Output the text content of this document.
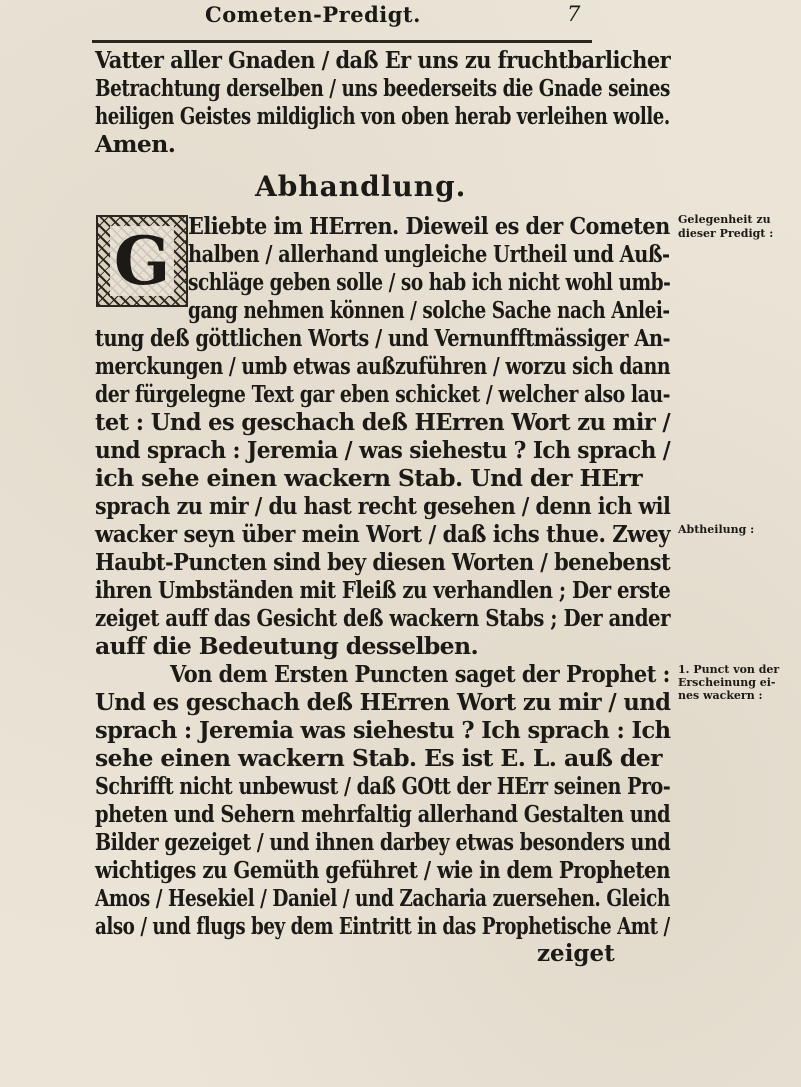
Cometen-Predigt.	7
Vatter aller Gnaden / daß Er uns zu fruchtbarlicher
Betrachtung derselben / uns beederseits die Gnade seines
heiligen Geistes mildiglich von oben herab verleihen wolle.
Amen.
Abhandlung.
G Eliebte im HErren. Dieweil es der Cometen
halben / allerhand ungleiche Urtheil und Auß-
schläge geben solle / so hab ich nicht wohl umb-
gang nehmen können / solche Sache nach Anlei-
tung deß göttlichen Worts / und Vernunfftmässiger An-
merckungen / umb etwas außzuführen / worzu sich dann
der fürgelegne Text gar eben schicket / welcher also lau-
tet : Und es geschach deß HErren Wort zu mir /
und sprach : Jeremia / was siehestu ? Ich sprach /
ich sehe einen wackern Stab. Und der HErr
sprach zu mir / du hast recht gesehen / denn ich wil
wacker seyn über mein Wort / daß ichs thue. Zwey
Haubt-Puncten sind bey diesen Worten / benebenst
ihren Umbständen mit Fleiß zu verhandlen ; Der erste
zeiget auff das Gesicht deß wackern Stabs ; Der ander
auff die Bedeutung desselben.
Von dem Ersten Puncten saget der Prophet :
Und es geschach deß HErren Wort zu mir / und
sprach : Jeremia was siehestu ? Ich sprach : Ich
sehe einen wackern Stab. Es ist E. L. auß der
Schrifft nicht unbewust / daß GOtt der HErr seinen Pro-
pheten und Sehern mehrfaltig allerhand Gestalten und
Bilder gezeiget / und ihnen darbey etwas besonders und
wichtiges zu Gemüth geführet / wie in dem Propheten
Amos / Hesekiel / Daniel / und Zacharia zuersehen. Gleich
also / und flugs bey dem Eintritt in das Prophetische Amt /
zeiget
Gelegenheit zu
dieser Predigt :
Abtheilung :
1. Punct von der
Erscheinung ei-
nes wackern :
